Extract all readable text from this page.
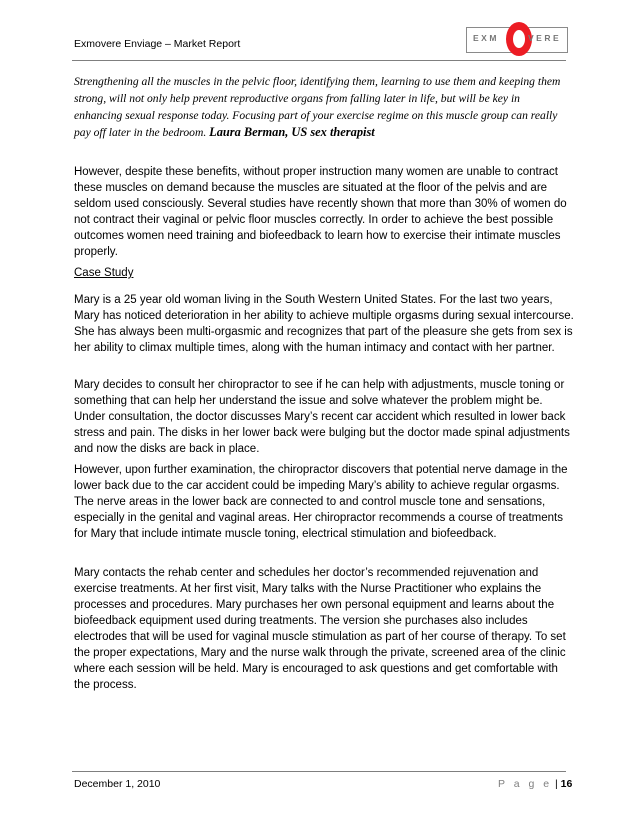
Exmovere Enviage – Market Report	EXM	VERE
Strengthening all the muscles in the pelvic floor, identifying them, learning to use them and keeping them strong, will not only help prevent reproductive organs from falling later in life, but will be key in enhancing sexual response today. Focusing part of your exercise regime on this muscle group can really pay off later in the bedroom. Laura Berman, US sex therapist
However, despite these benefits, without proper instruction many women are unable to contract these muscles on demand because the muscles are situated at the floor of the pelvis and are seldom used consciously. Several studies have recently shown that more than 30% of women do not contract their vaginal or pelvic floor muscles correctly. In order to achieve the best possible outcomes women need training and biofeedback to learn how to exercise their intimate muscles properly.
Case Study
Mary is a 25 year old woman living in the South Western United States. For the last two years, Mary has noticed deterioration in her ability to achieve multiple orgasms during sexual intercourse. She has always been multi-orgasmic and recognizes that part of the pleasure she gets from sex is her ability to climax multiple times, along with the human intimacy and contact with her partner.
Mary decides to consult her chiropractor to see if he can help with adjustments, muscle toning or something that can help her understand the issue and solve whatever the problem might be. Under consultation, the doctor discusses Mary’s recent car accident which resulted in lower back stress and pain. The disks in her lower back were bulging but the doctor made spinal adjustments and now the disks are back in place.
However, upon further examination, the chiropractor discovers that potential nerve damage in the lower back due to the car accident could be impeding Mary’s ability to achieve regular orgasms. The nerve areas in the lower back are connected to and control muscle tone and sensations, especially in the genital and vaginal areas. Her chiropractor recommends a course of treatments for Mary that include intimate muscle toning, electrical stimulation and biofeedback.
Mary contacts the rehab center and schedules her doctor’s recommended rejuvenation and exercise treatments. At her first visit, Mary talks with the Nurse Practitioner who explains the processes and procedures. Mary purchases her own personal equipment and learns about the biofeedback equipment used during treatments. The version she purchases also includes electrodes that will be used for vaginal muscle stimulation as part of her course of therapy. To set the proper expectations, Mary and the nurse walk through the private, screened area of the clinic where each session will be held. Mary is encouraged to ask questions and get comfortable with the process.
December 1, 2010	P a g e | 16
